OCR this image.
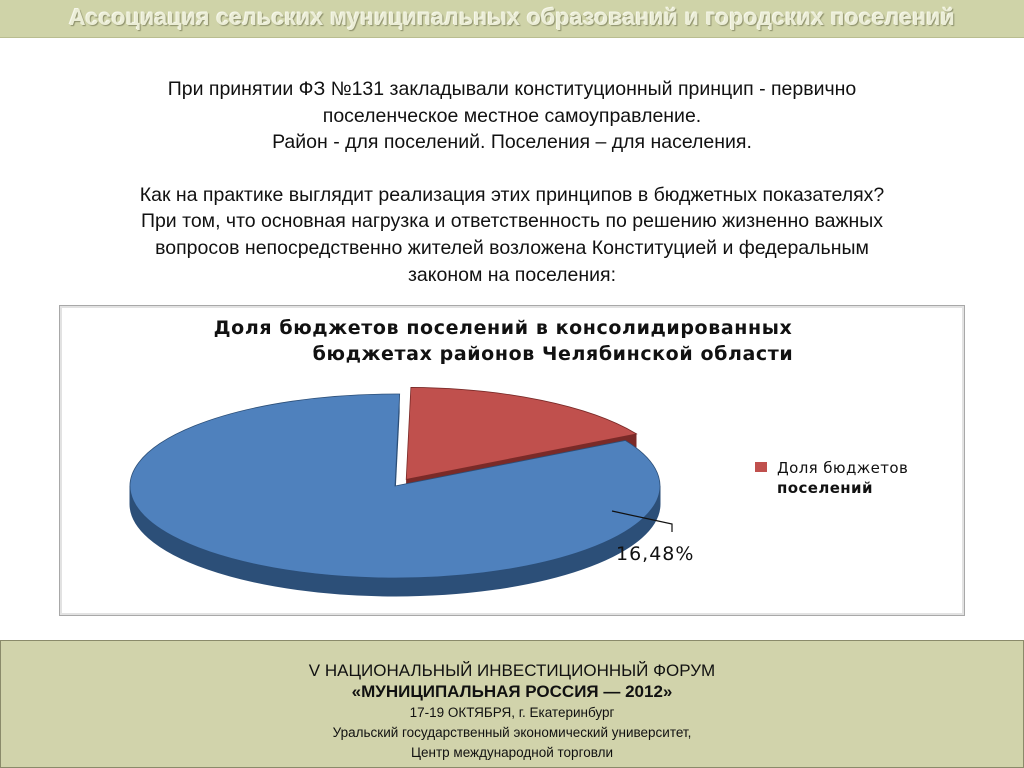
Ассоциация сельских муниципальных образований и городских поселений

При принятии ФЗ №131 закладывали конституционный принцип - первично

поселенческое местное самоуправление.

Район - для поселений. Поселения – для населения.

Как на практике выглядит реализация этих принципов в бюджетных показателях?

При том, что основная нагрузка и ответственность по решению жизненно важных

вопросов непосредственно жителей возложена Конституцией и федеральным

законом на поселения:

Доля бюджетов поселений в консолидированных
бюджетах районов Челябинской области
Доля бюджетов
поселений
16,48%
V НАЦИОНАЛЬНЫЙ ИНВЕСТИЦИОННЫЙ ФОРУМ
«МУНИЦИПАЛЬНАЯ РОССИЯ — 2012»
17-19 ОКТЯБРЯ, г. Екатеринбург
Уральский государственный экономический университет,
Центр международной торговли
